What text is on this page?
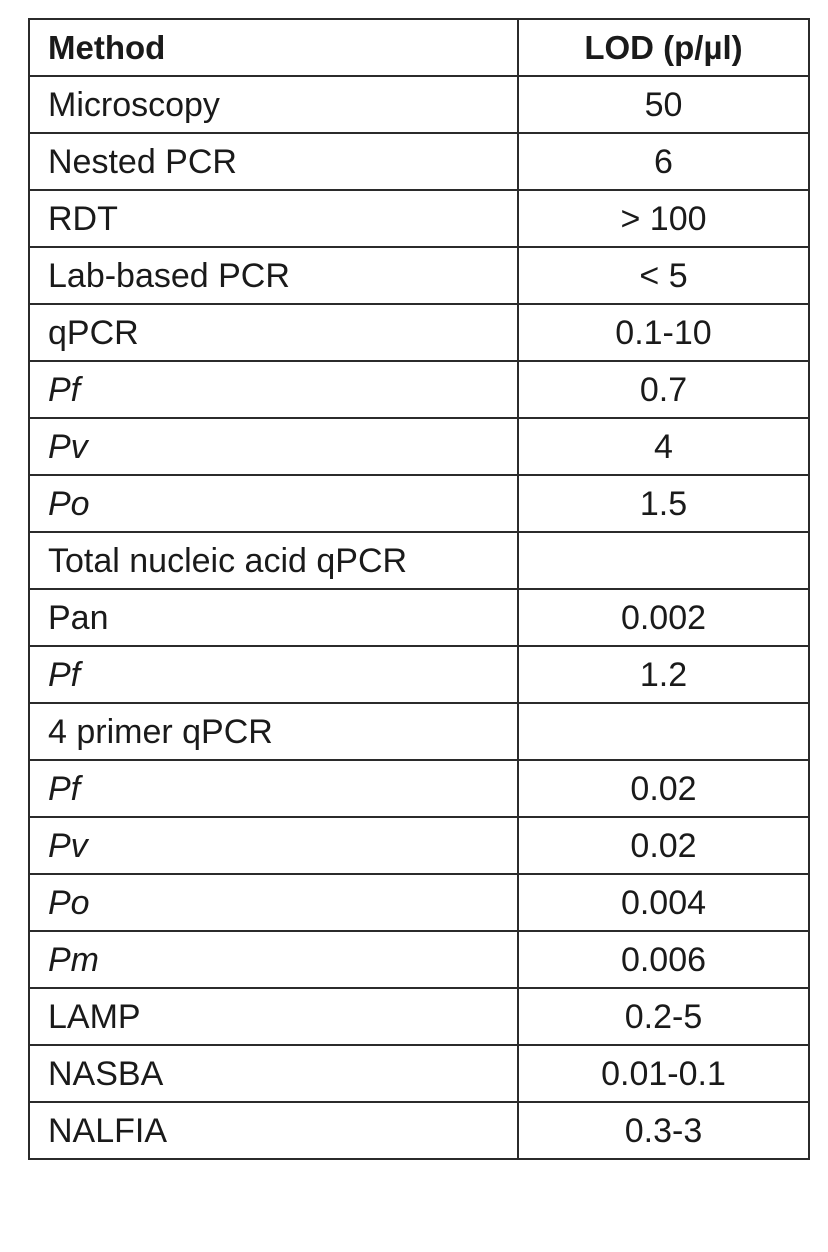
Method	LOD (p/µl)
Microscopy	50
Nested PCR	6
RDT	> 100
Lab-based PCR	< 5
qPCR	0.1-10
Pf	0.7
Pv	4
Po	1.5
Total nucleic acid qPCR	
Pan	0.002
Pf	1.2
4 primer qPCR	
Pf	0.02
Pv	0.02
Po	0.004
Pm	0.006
LAMP	0.2-5
NASBA	0.01-0.1
NALFIA	0.3-3
